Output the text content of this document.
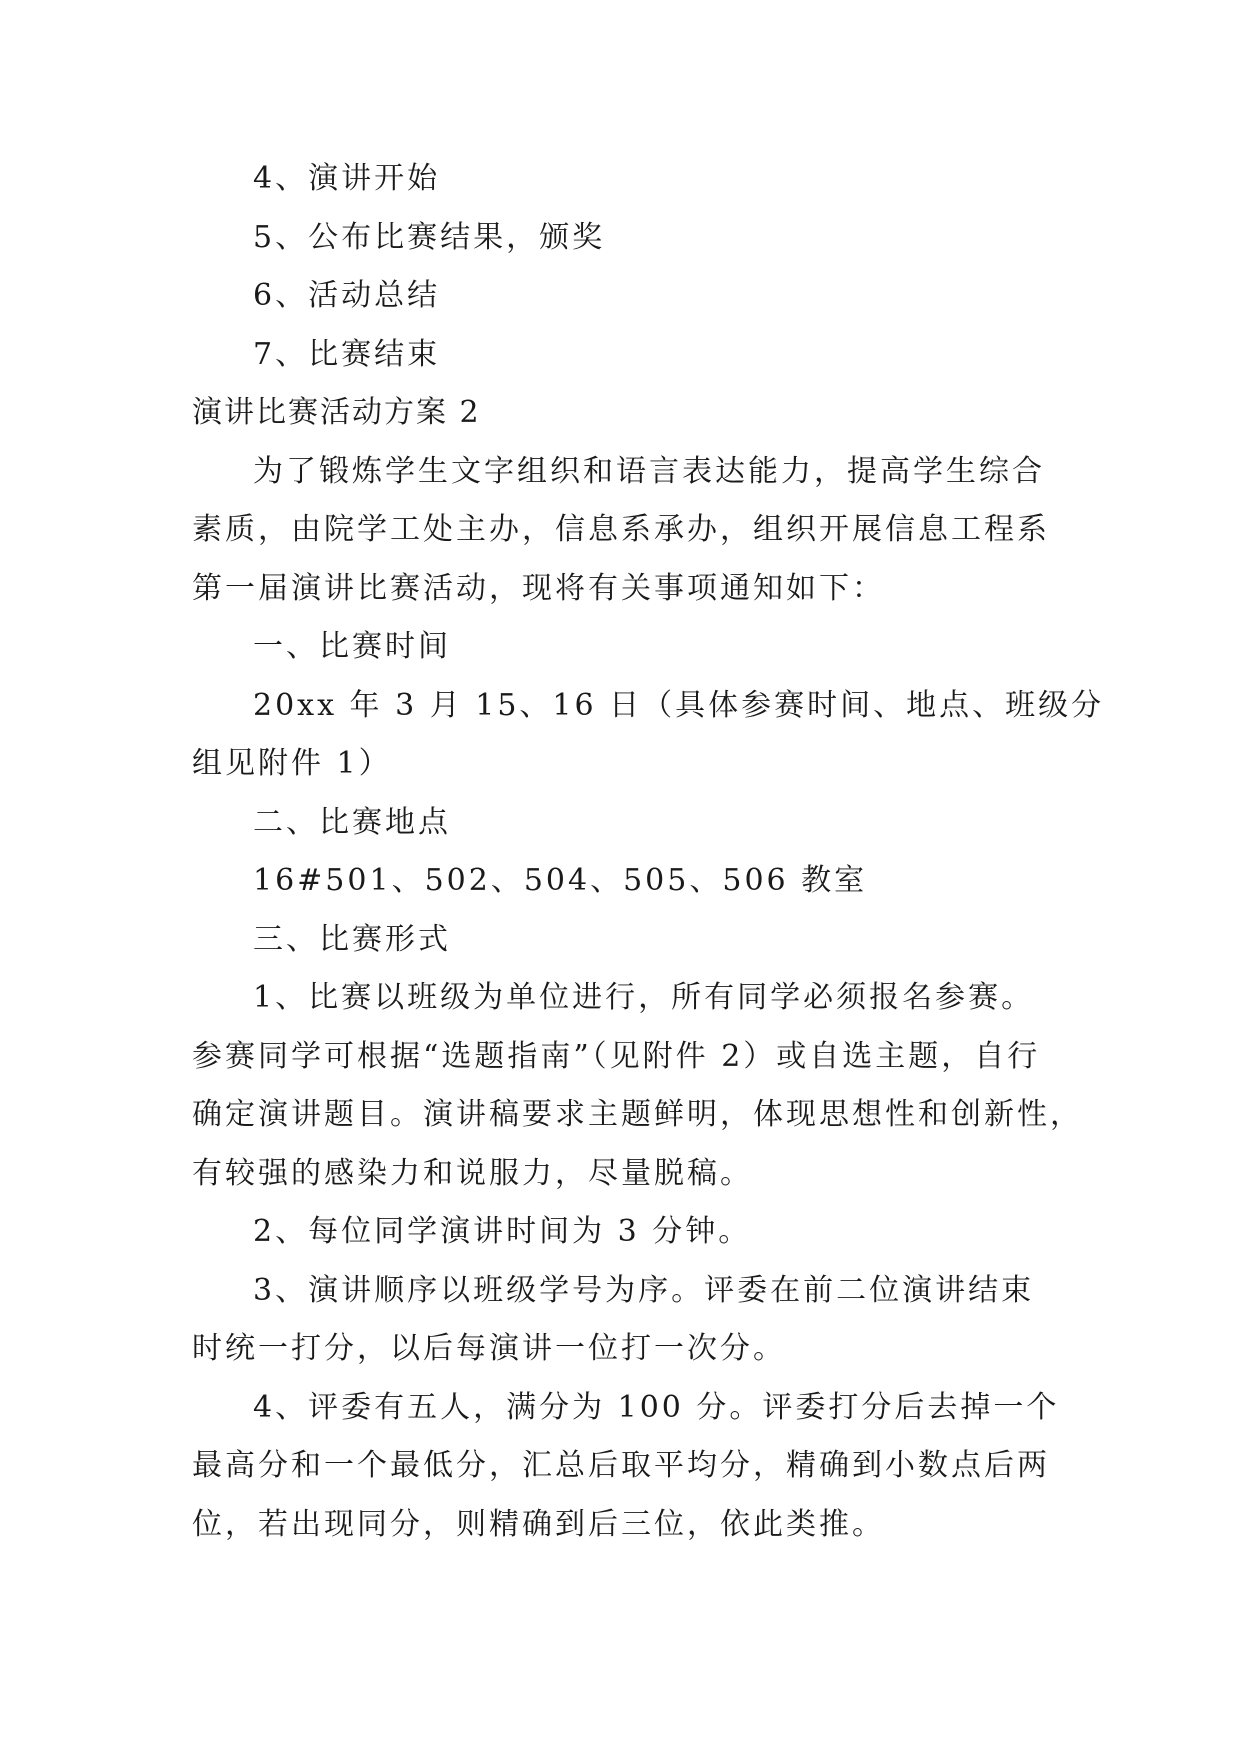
4、演讲开始
5、公布比赛结果，颁奖
6、活动总结
7、比赛结束
演讲比赛活动方案 2
为了锻炼学生文字组织和语言表达能力，提高学生综合
素质，由院学工处主办，信息系承办，组织开展信息工程系
第一届演讲比赛活动，现将有关事项通知如下：
一、比赛时间
20xx 年 3 月 15、16 日（具体参赛时间、地点、班级分
组见附件 1）
二、比赛地点
16#501、502、504、505、506 教室
三、比赛形式
1、比赛以班级为单位进行，所有同学必须报名参赛。
参赛同学可根据“选题指南”（见附件 2）或自选主题，自行
确定演讲题目。演讲稿要求主题鲜明，体现思想性和创新性，
有较强的感染力和说服力，尽量脱稿。
2、每位同学演讲时间为 3 分钟。
3、演讲顺序以班级学号为序。评委在前二位演讲结束
时统一打分，以后每演讲一位打一次分。
4、评委有五人，满分为 100 分。评委打分后去掉一个
最高分和一个最低分，汇总后取平均分，精确到小数点后两
位，若出现同分，则精确到后三位，依此类推。
